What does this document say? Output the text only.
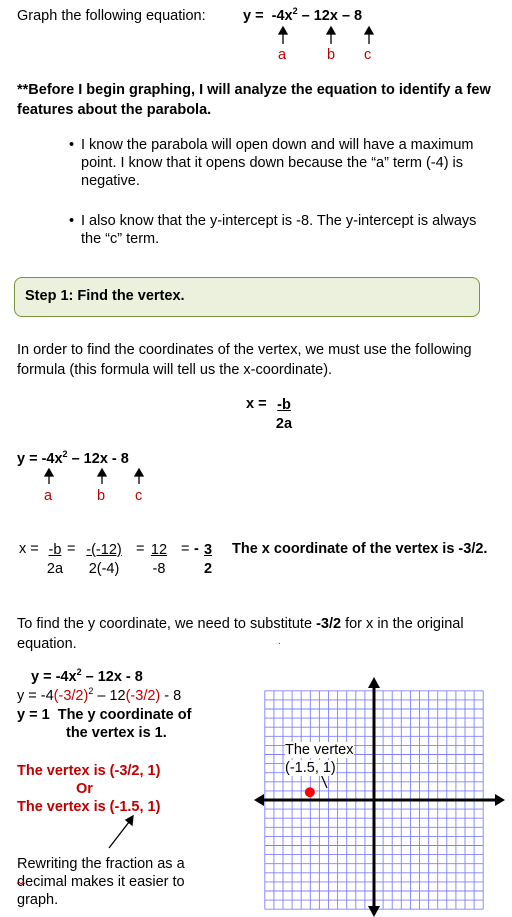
Graph the following equation:	$y = -4x^2 - 12x - 8$
a	b c
**Before I begin graphing, I will analyze the equation to identify a few features about the parabola.
• I know the parabola will open down and will have a maximum point. I know that it opens down because the “a” term (-4) is negative.
• I also know that the y-intercept is -8. The y-intercept is always the “c” term.
Step 1: Find the vertex.
In order to find the coordinates of the vertex, we must use the following formula (this formula will tell us the x-coordinate).
$x = \frac{-b}{2a}$
$y = -4x^2 - 12x - 8$
a	b c
$x = \frac{-b}{2a} = \frac{-(-12)}{2(-4)} = \frac{12}{-8}$ = - $\frac{3}{2}$ The x coordinate of the vertex is -3/2.
To find the y coordinate, we need to substitute -3/2 for x in the original equation.	.
$y = -4x^2 - 12x - 8$
$y = -4(-3/2)^2 - 12(-3/2) - 8$
y = 1 The y coordinate of
the vertex is 1.
The vertex is (-3/2, 1)
Or
The vertex is (-1.5, 1)
Rewriting the fraction as a decimal makes it easier to graph.
The vertex
(-1.5, 1)
